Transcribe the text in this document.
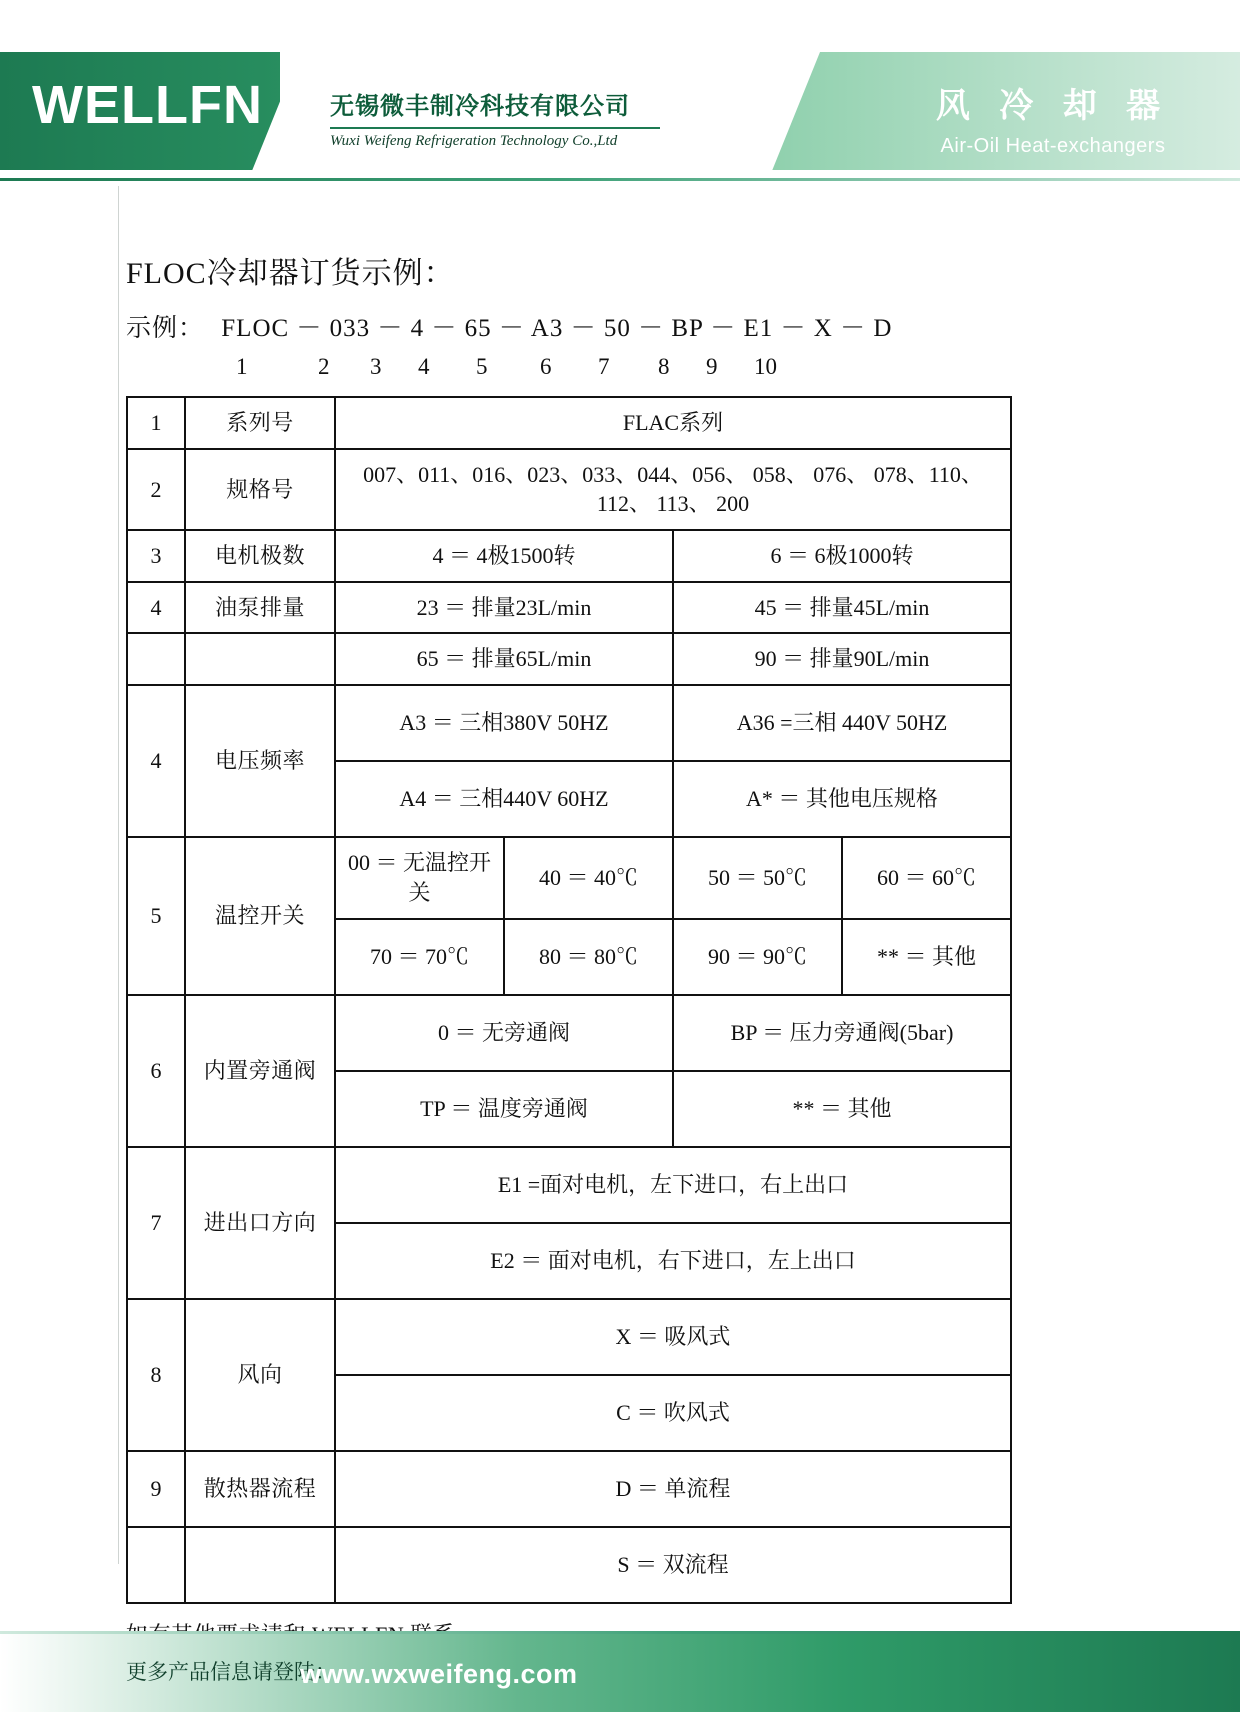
WELLFN	无锡微丰制冷科技有限公司
Wuxi Weifeng Refrigeration Technology Co.,Ltd
风 冷 却 器
Air-Oil Heat-exchangers
FLOC冷却器订货示例：
示例： FLOC － 033 － 4 － 65 － A3 － 50 － BP － E1 － X － D
1	2 3 4 5 6 7 8 9 10
1	系列号	FLAC系列			
2	规格号	007、011、016、023、033、044、056、 058、 076、 078、110、 112、 113、 200			
3	电机极数	4 ＝ 4极1500转		6 ＝ 6极1000转	
4	油泵排量	23 ＝ 排量23L/min		45 ＝ 排量45L/min	
		65 ＝ 排量65L/min		90 ＝ 排量90L/min	
4	电压频率	A3 ＝ 三相380V 50HZ		A36 =三相 440V 50HZ	
		A4 ＝ 三相440V 60HZ		A* ＝ 其他电压规格	
5	温控开关	00 ＝ 无温控开关	40 ＝ 40℃	50 ＝ 50℃	60 ＝ 60℃
		70 ＝ 70℃	80 ＝ 80℃	90 ＝ 90℃	** ＝ 其他
6	内置旁通阀	0 ＝ 无旁通阀		BP ＝ 压力旁通阀(5bar)	
		TP ＝ 温度旁通阀		** ＝ 其他	
7	进出口方向	E1 =面对电机，左下进口，右上出口			
		E2 ＝ 面对电机，右下进口，左上出口			
8	风向	X ＝ 吸风式			
		C ＝ 吹风式			
9	散热器流程	D ＝ 单流程			
		S ＝ 双流程			
更多产品信息请登陆：
www.wxweifeng.com
